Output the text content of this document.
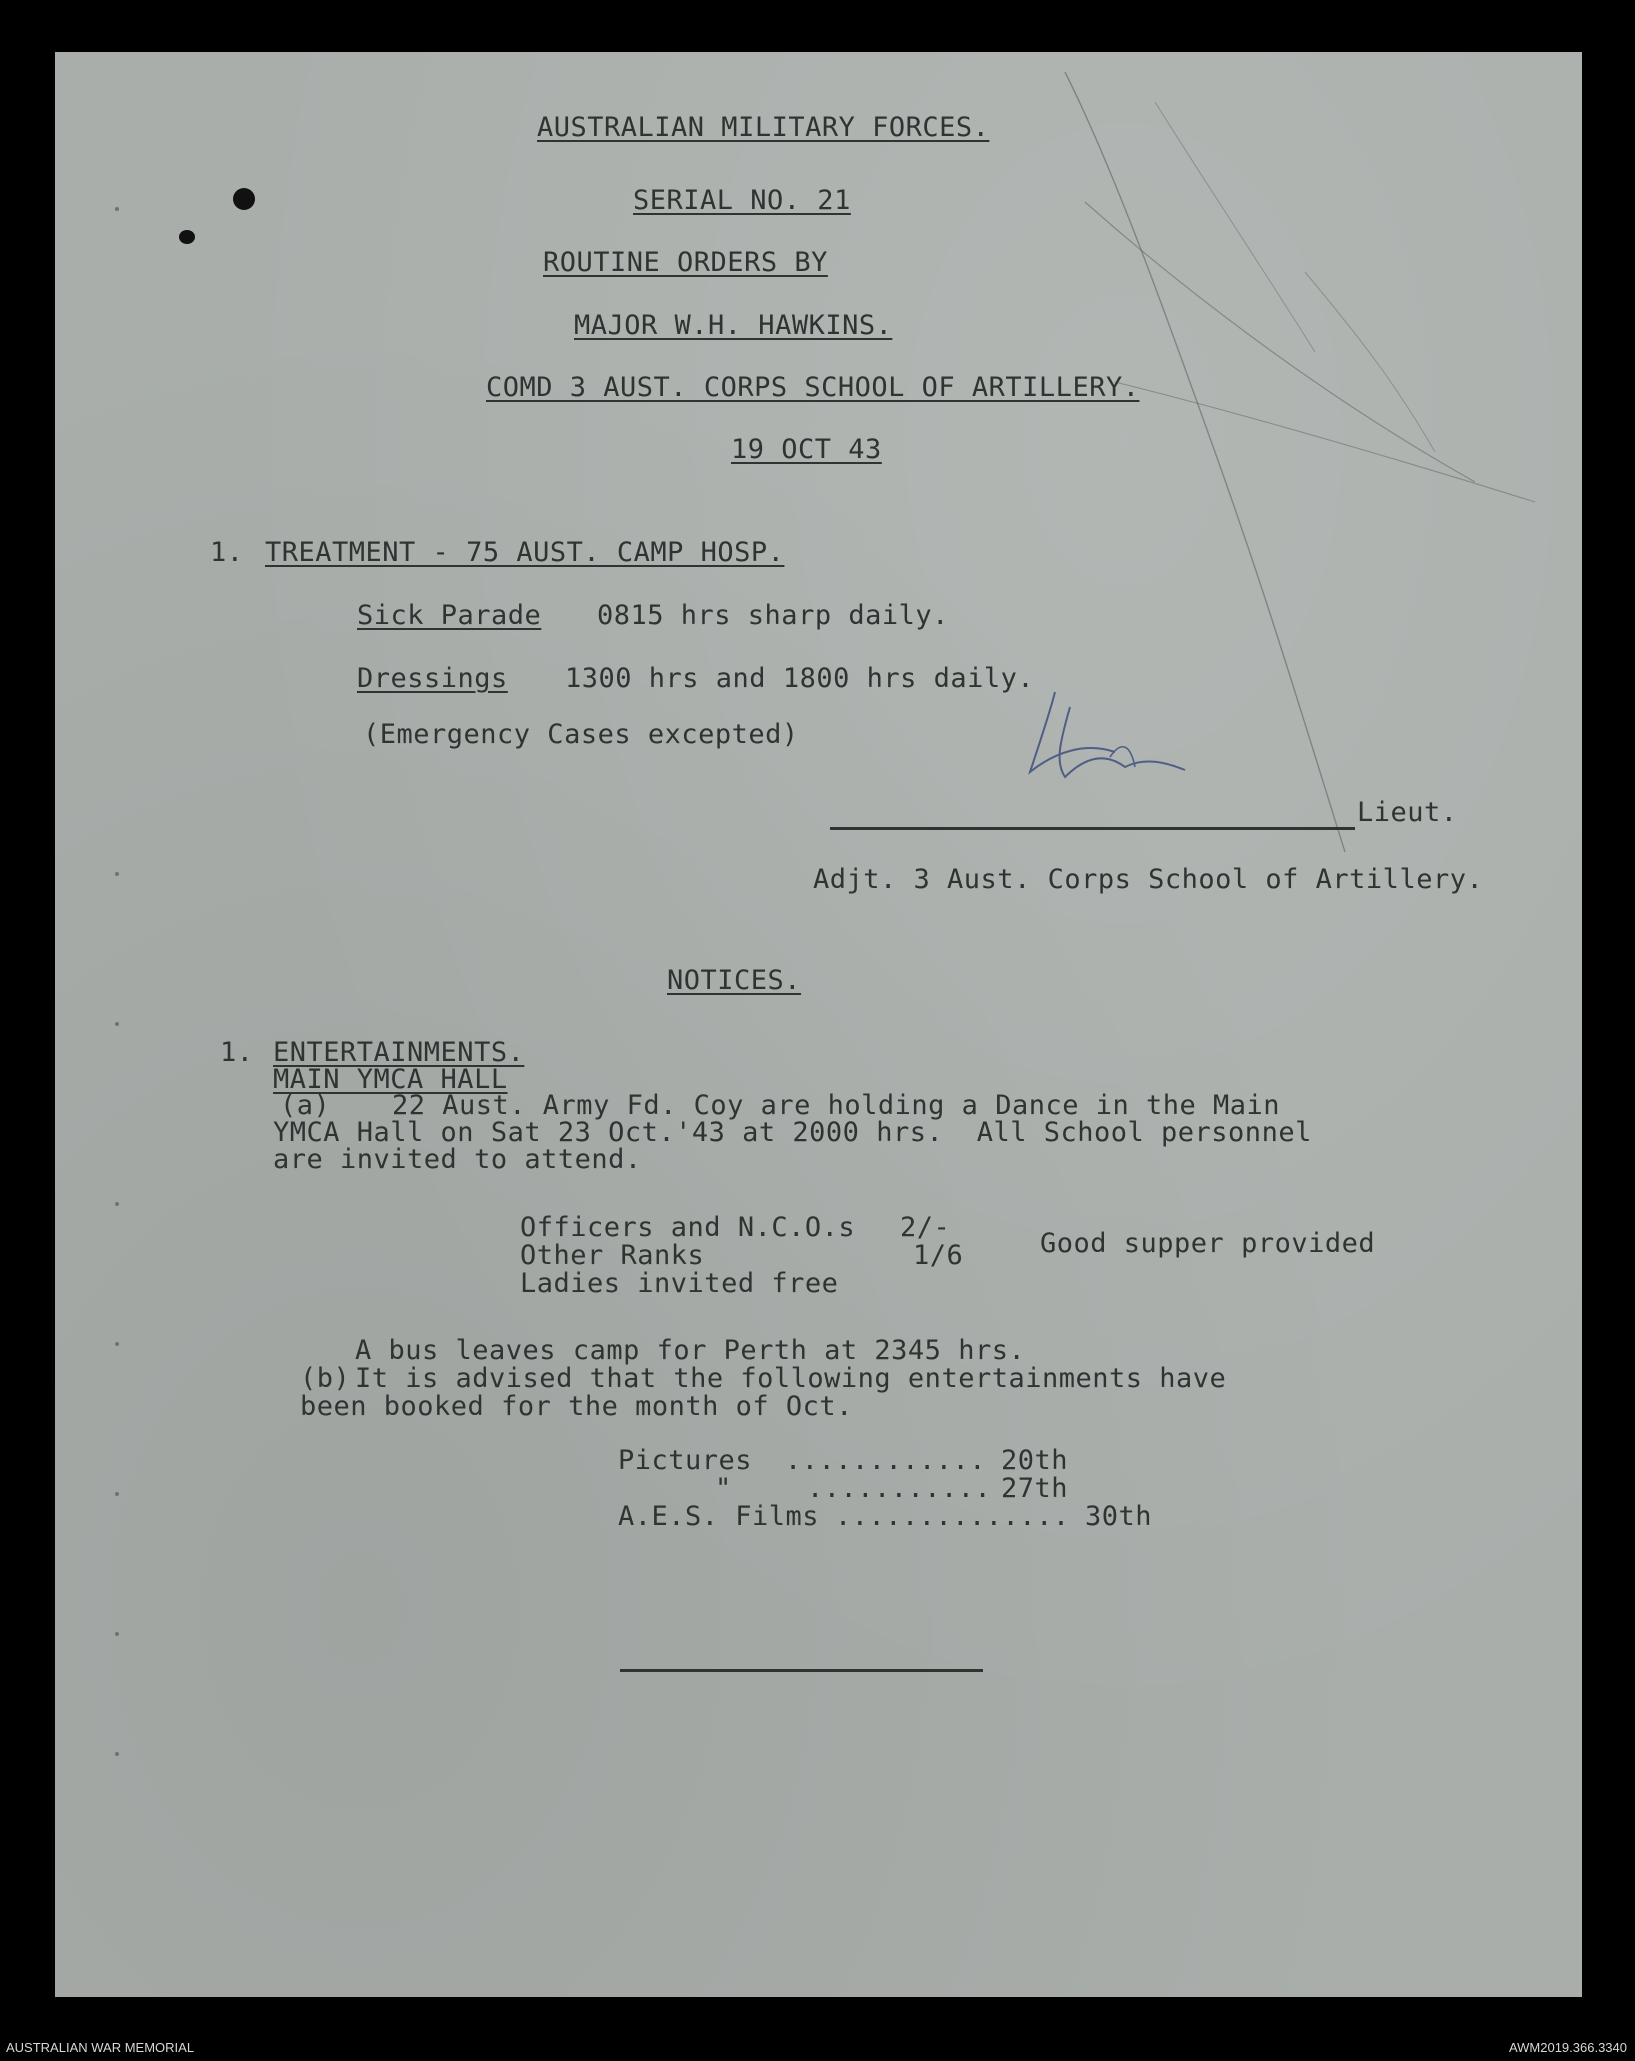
AUSTRALIAN MILITARY FORCES.
SERIAL NO. 21
ROUTINE ORDERS BY
MAJOR W.H. HAWKINS.
COMD 3 AUST. CORPS SCHOOL OF ARTILLERY.
19 OCT 43
1. TREATMENT - 75 AUST. CAMP HOSP.
Sick Parade 0815 hrs sharp daily.
Dressings 1300 hrs and 1800 hrs daily.
(Emergency Cases excepted)
Lieut.
Adjt. 3 Aust. Corps School of Artillery.
NOTICES.
1. ENTERTAINMENTS.
MAIN YMCA HALL
(a) 22 Aust. Army Fd. Coy are holding a Dance in the Main
YMCA Hall on Sat 23 Oct.'43 at 2000 hrs.  All School personnel
are invited to attend.
Officers and N.C.O.s 2/-
Other Ranks	1/6	Good supper provided
Ladies invited free
A bus leaves camp for Perth at 2345 hrs.
(b) It is advised that the following entertainments have
been booked for the month of Oct.
Pictures ............ 20th
"	........... 27th
A.E.S. Films .............. 30th
AUSTRALIAN WAR MEMORIAL	AWM2019.366.3340
